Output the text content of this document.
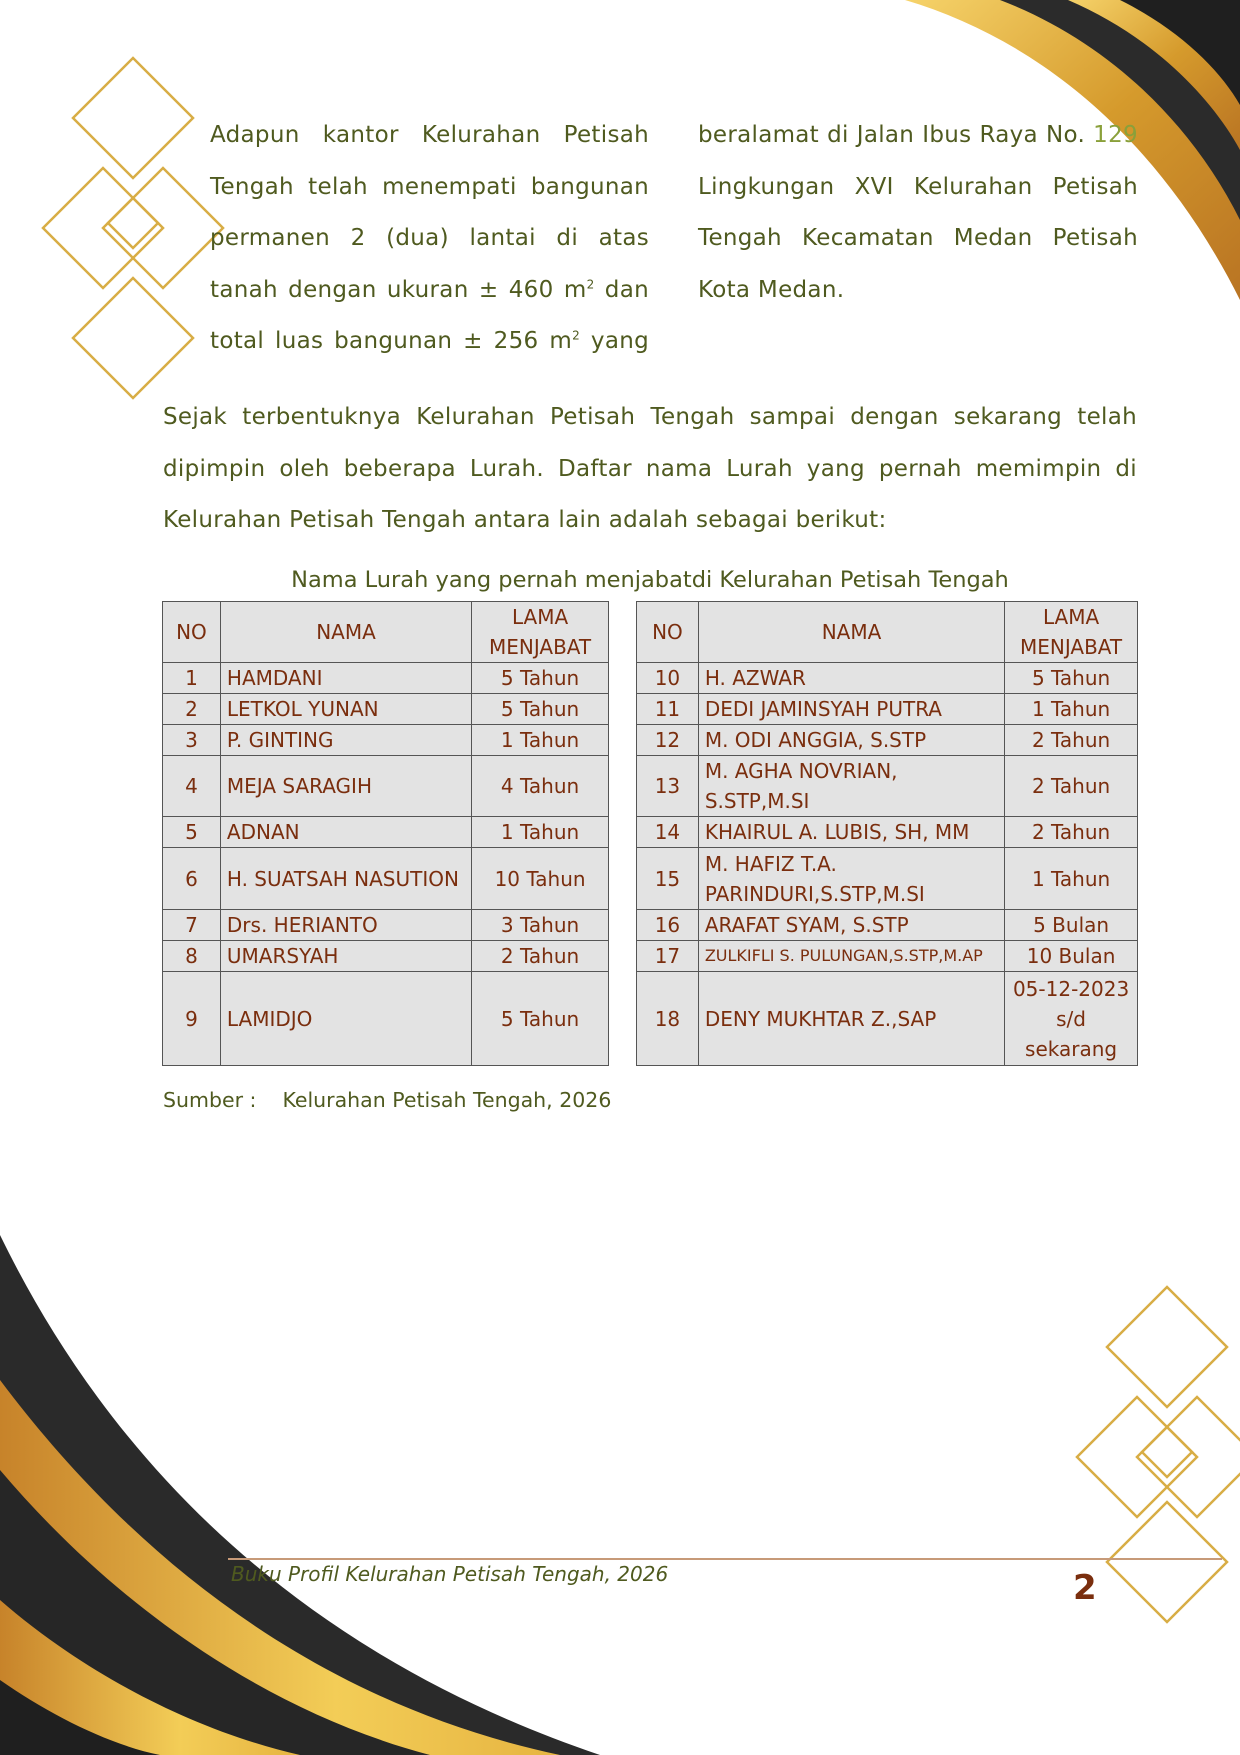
Adapun kantor Kelurahan Petisah

Tengah telah menempati bangunan

permanen 2 (dua) lantai di atas

tanah dengan ukuran ± 460 $m^2$ dan

total luas bangunan ± 256 $m^2$ yang

beralamat di Jalan Ibus Raya No. 129

Lingkungan XVI Kelurahan Petisah

Tengah Kecamatan Medan Petisah

Kota Medan.

Sejak terbentuknya Kelurahan Petisah Tengah sampai dengan sekarang telah dipimpin oleh beberapa Lurah. Daftar nama Lurah yang pernah memimpin di Kelurahan Petisah Tengah antara lain adalah sebagai berikut:

Nama Lurah yang pernah menjabatdi Kelurahan Petisah Tengah
NO	NAMA	LAMA
MENJABAT
1	HAMDANI	5 Tahun
2	LETKOL YUNAN	5 Tahun
3	P. GINTING	1 Tahun
4	MEJA SARAGIH	4 Tahun
5	ADNAN	1 Tahun
6	H. SUATSAH NASUTION	10 Tahun
7	Drs. HERIANTO	3 Tahun
8	UMARSYAH	2 Tahun
9	LAMIDJO	5 Tahun
NO	NAMA	LAMA
MENJABAT
10	H. AZWAR	5 Tahun
11	DEDI JAMINSYAH PUTRA	1 Tahun
12	M. ODI ANGGIA, S.STP	2 Tahun
13	M. AGHA NOVRIAN,
S.STP,M.SI	2 Tahun
14	KHAIRUL A. LUBIS, SH, MM	2 Tahun
15	M. HAFIZ T.A.
PARINDURI,S.STP,M.SI	1 Tahun
16	ARAFAT SYAM, S.STP	5 Bulan
17	ZULKIFLI S. PULUNGAN,S.STP,M.AP	10 Bulan
18	DENY MUKHTAR Z.,SAP	05-12-2023
s/d
sekarang
Sumber : Kelurahan Petisah Tengah, 2026
Buku Profil Kelurahan Petisah Tengah, 2026	2
